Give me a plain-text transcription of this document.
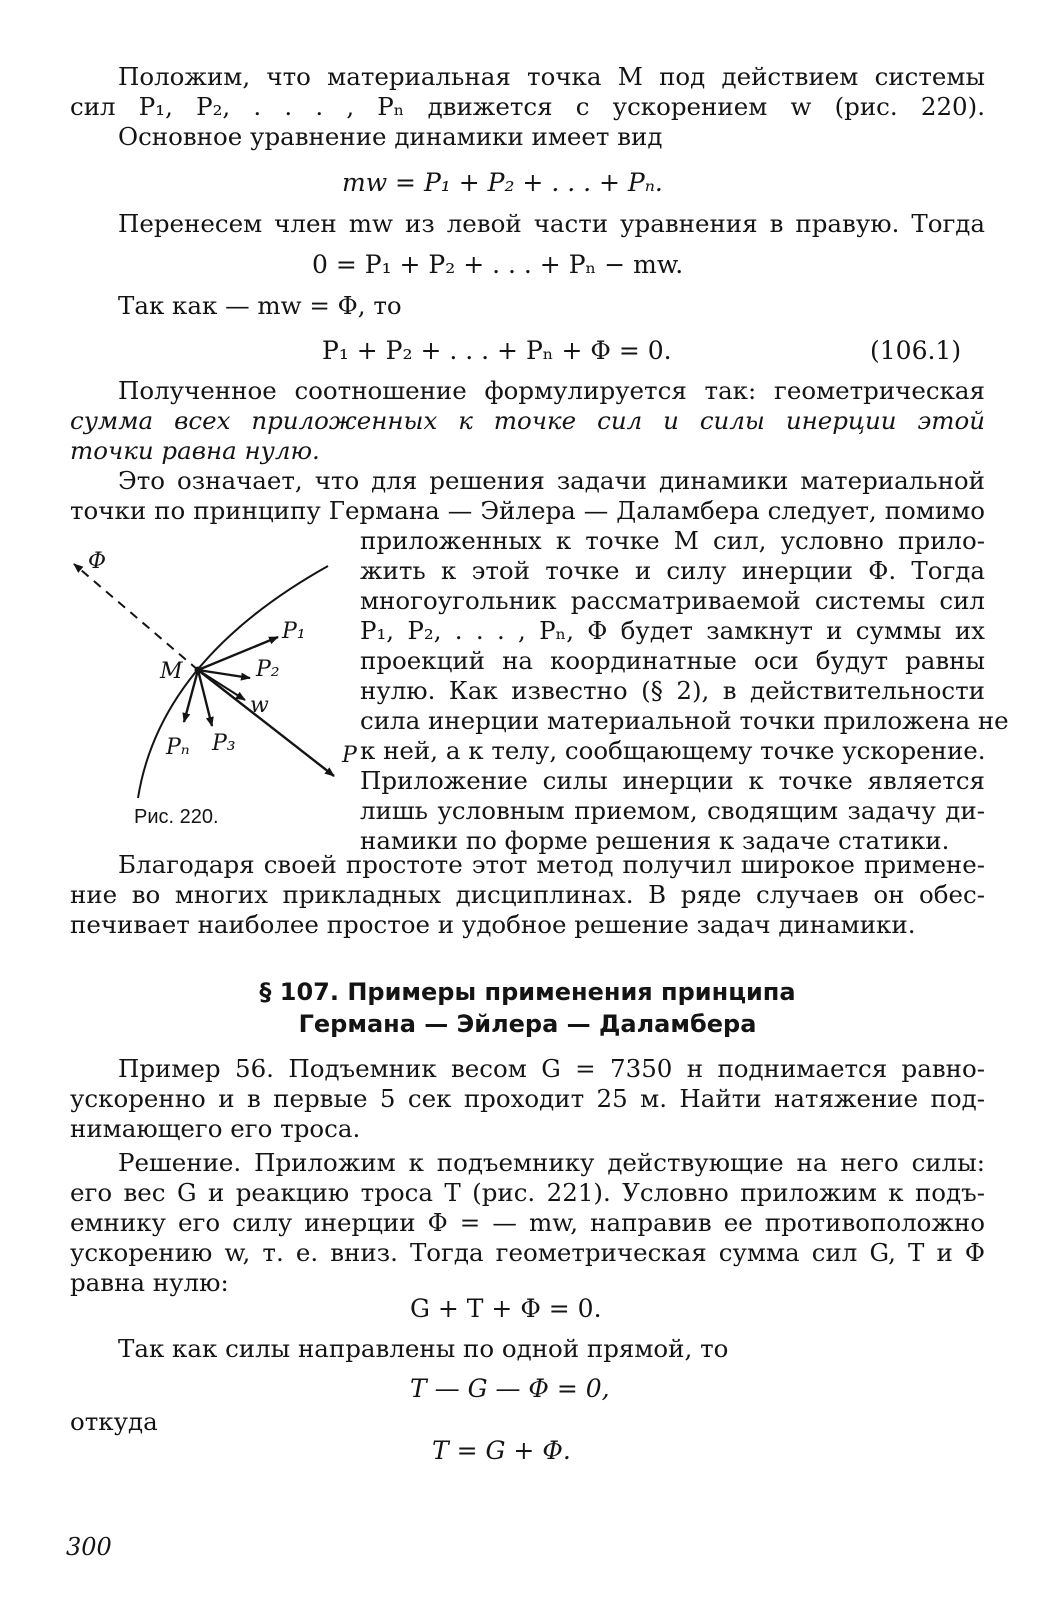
Положим, что материальная точка M под действием системы
сил P₁, P₂, . . . , Pₙ движется с ускорением w (рис. 220).
Основное уравнение динамики имеет вид
mw = P₁ + P₂ + . . . + Pₙ.
Перенесем член mw из левой части уравнения в правую. Тогда
0 = P₁ + P₂ + . . . + Pₙ − mw.
Так как — mw = Φ, то
P₁ + P₂ + . . . + Pₙ + Φ = 0.	(106.1)
Полученное соотношение формулируется так: геометрическая
сумма всех приложенных к точке сил и силы инерции этой
точки равна нулю.
Это означает, что для решения задачи динамики материальной
точки по принципу Германа — Эйлера — Даламбера следует, помимо
приложенных к точке M сил, условно прило-
жить к этой точке и силу инерции Φ. Тогда
многоугольник рассматриваемой системы сил
P₁, P₂, . . . , Pₙ, Φ будет замкнут и суммы их
проекций на координатные оси будут равны
нулю. Как известно (§ 2), в действительности
сила инерции материальной точки приложена не
к ней, а к телу, сообщающему точке ускорение.
Приложение силы инерции к точке является
лишь условным приемом, сводящим задачу ди-
намики по форме решения к задаче статики.
Φ
M
P₁
P₂
w
Pₙ P₃	P
Рис. 220.
Благодаря своей простоте этот метод получил широкое примене-
ние во многих прикладных дисциплинах. В ряде случаев он обес-
печивает наиболее простое и удобное решение задач динамики.
§ 107. Примеры применения принципа
Германа — Эйлера — Даламбера
Пример 56. Подъемник весом G = 7350 н поднимается равно-
ускоренно и в первые 5 сек проходит 25 м. Найти натяжение под-
нимающего его троса.
Решение. Приложим к подъемнику действующие на него силы:
его вес G и реакцию троса T (рис. 221). Условно приложим к подъ-
емнику его силу инерции Φ = — mw, направив ее противоположно
ускорению w, т. е. вниз. Тогда геометрическая сумма сил G, T и Φ
равна нулю:
G + T + Φ = 0.
Так как силы направлены по одной прямой, то
T — G — Φ = 0,
откуда
T = G + Φ.
300
